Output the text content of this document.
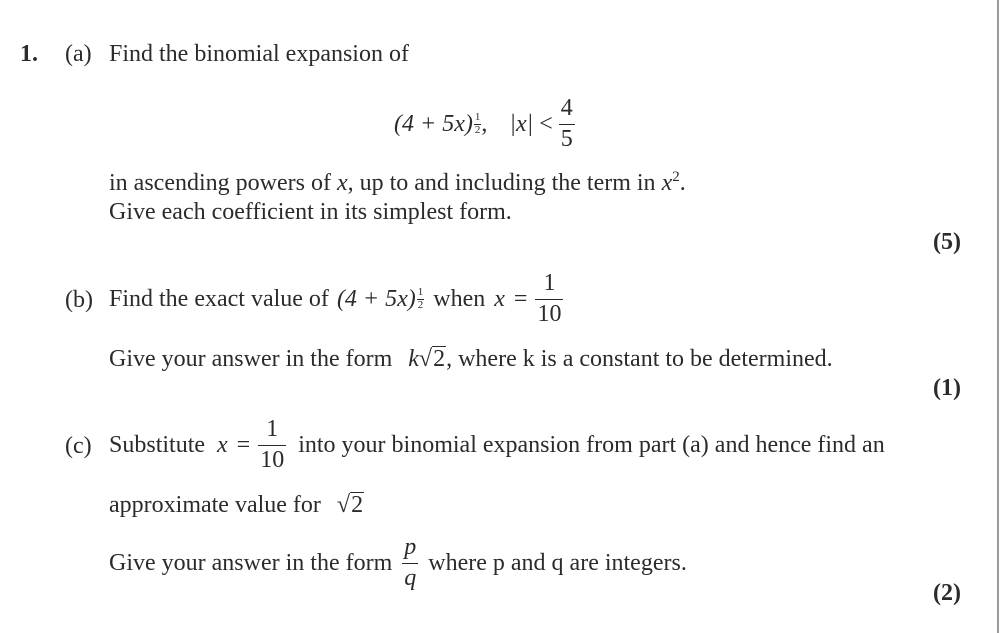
1. (a) Find the binomial expansion of
$(4 + 5x) \frac{1}{2}$ , $|x| < \frac{4}{5}$
in ascending powers of x, up to and including the term in $x^2$.
Give each coefficient in its simplest form.
(5)
(b) Find the exact value of $(4 + 5x) \frac{1}{2}$ when $x = \frac{1}{10}$
Give your answer in the form k√2, where k is a constant to be determined.
(1)
(c) Substitute $x = \frac{1}{10}$ into your binomial expansion from part (a) and hence find an
approximate value for √2
Give your answer in the form $\frac{p}{q}$ where p and q are integers.
(2)
